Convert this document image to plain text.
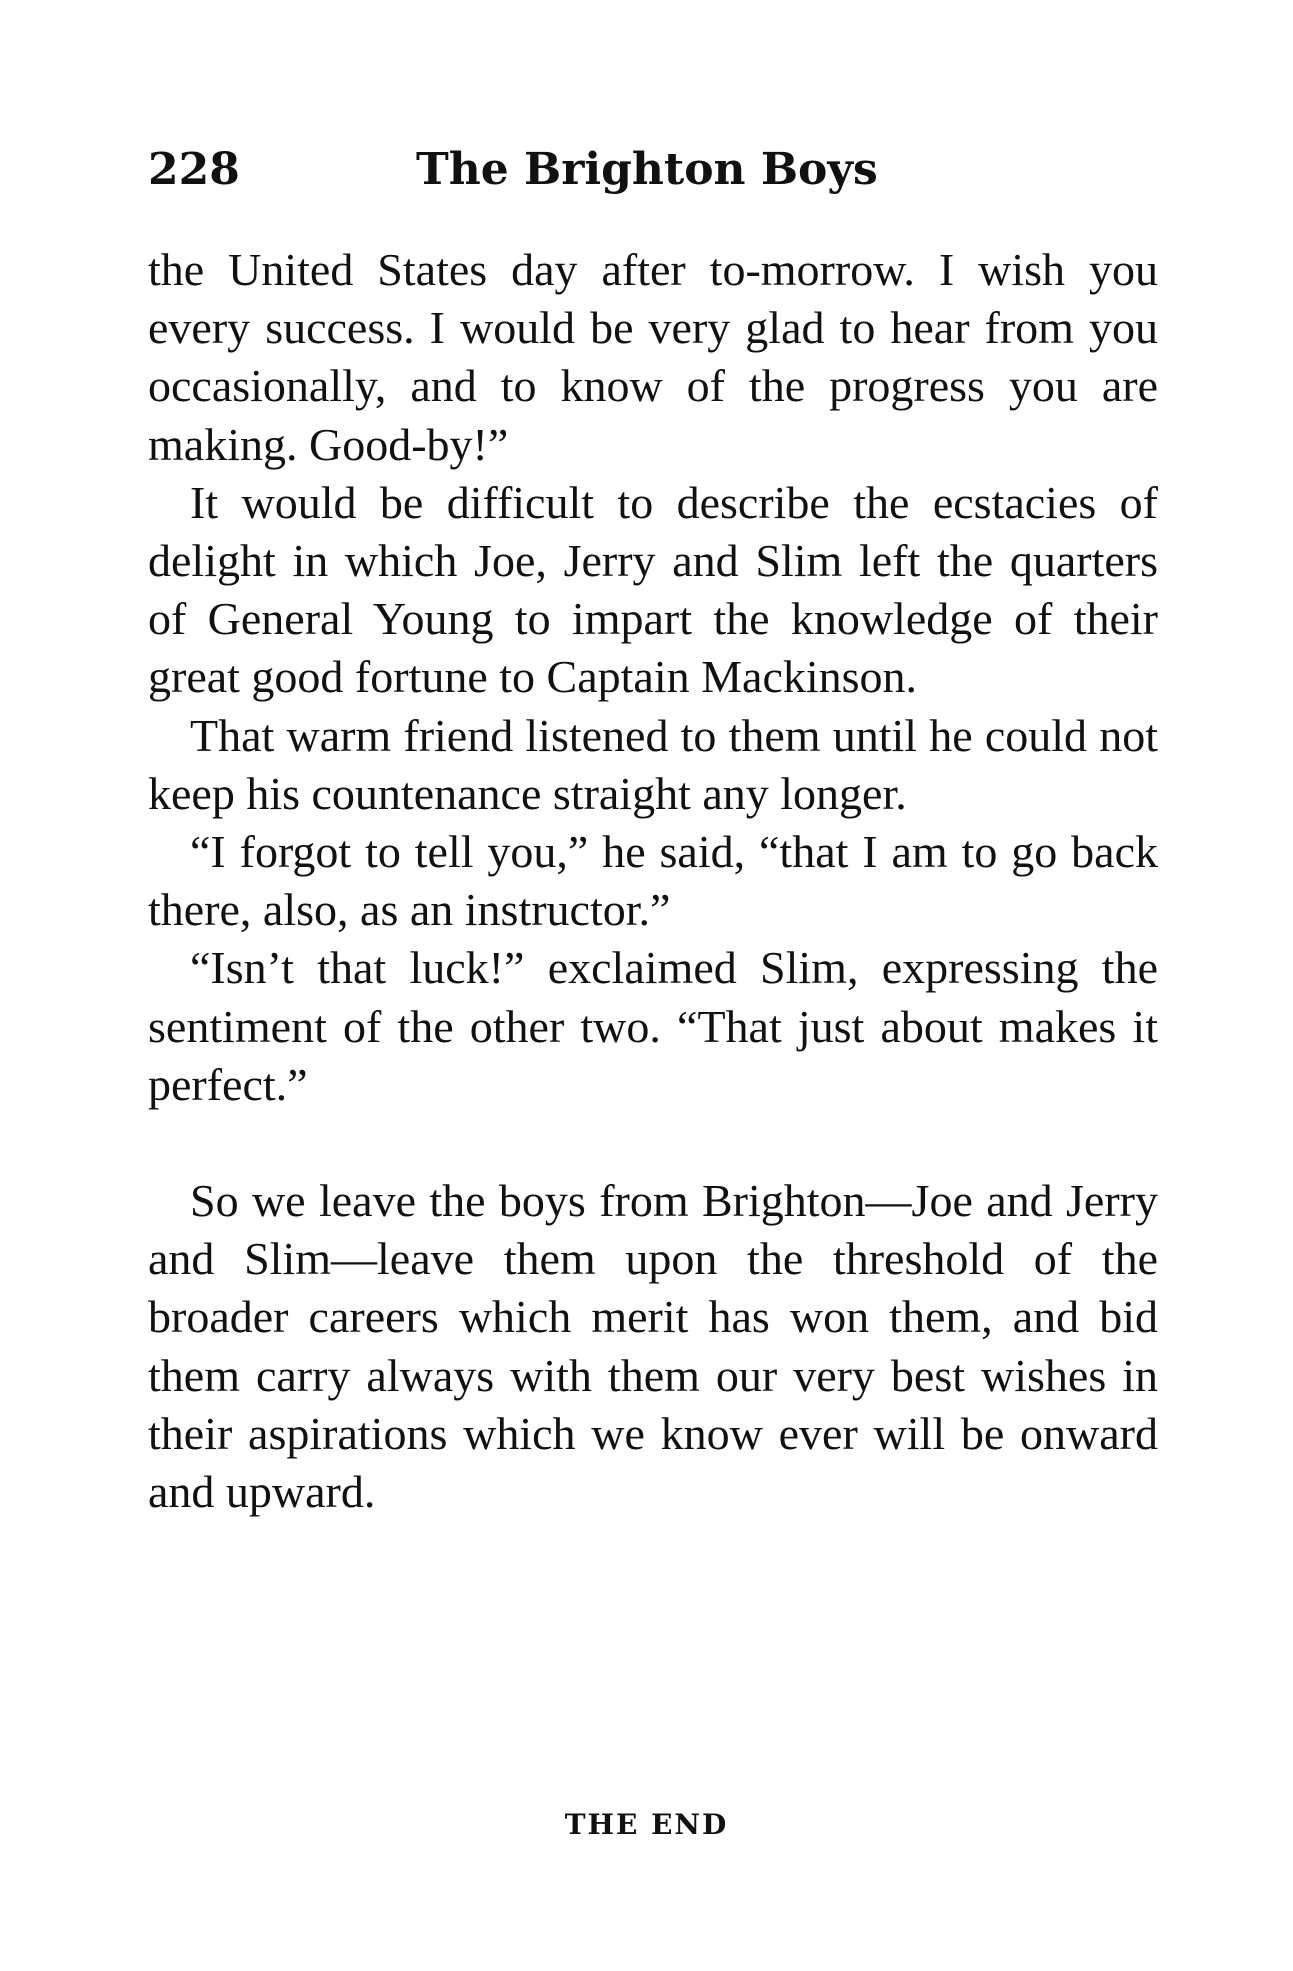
228	The Brighton Boys

the United States day after to-morrow. I wish you every success. I would be very glad to hear from you occasionally, and to know of the progress you are making. Good-by!”

It would be difficult to describe the ecstacies of delight in which Joe, Jerry and Slim left the quarters of General Young to impart the knowledge of their great good fortune to Captain Mackinson.

That warm friend listened to them until he could not keep his countenance straight any longer.

“I forgot to tell you,” he said, “that I am to go back there, also, as an instructor.”

“Isn’t that luck!” exclaimed Slim, expressing the sentiment of the other two. “That just about makes it perfect.”

So we leave the boys from Brighton—Joe and Jerry and Slim—leave them upon the threshold of the broader careers which merit has won them, and bid them carry always with them our very best wishes in their aspirations which we know ever will be onward and upward.

THE END
